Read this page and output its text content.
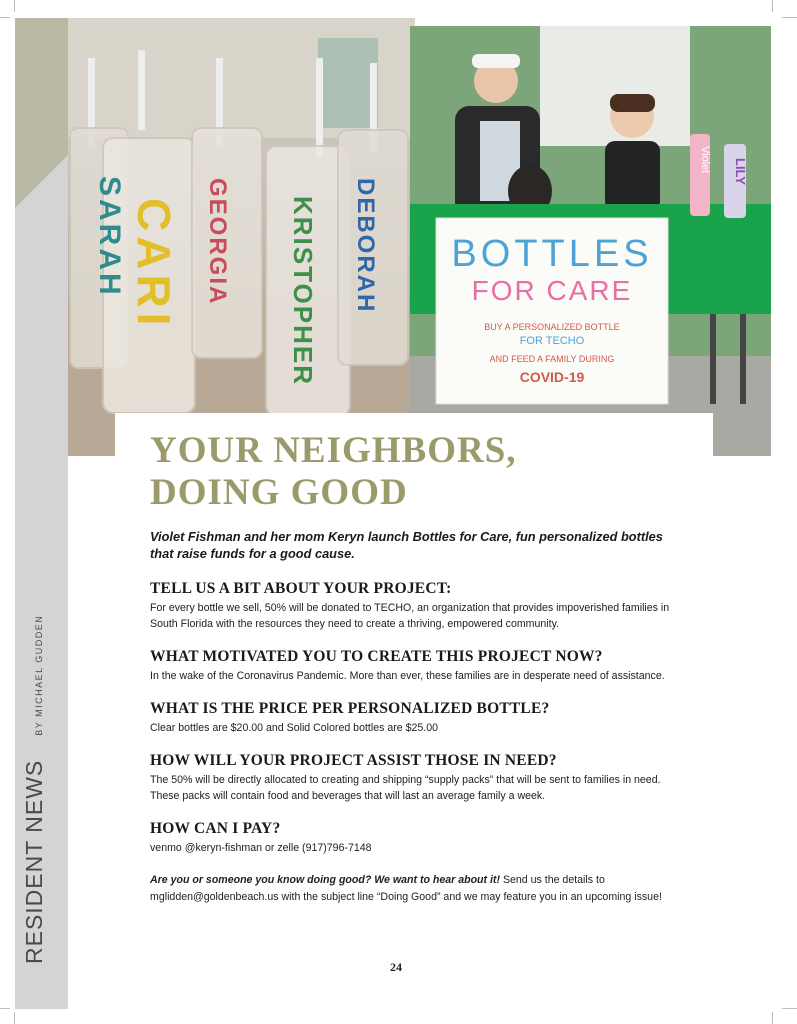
RESIDENT NEWS
BY MICHAEL GUDDEN
SARAH CARI GEORGIA KRISTOPHER DEBORAH
Violet LILY
BOTTLES
FOR CARE
BUY A PERSONALIZED BOTTLE
FOR TECHO
AND FEED A FAMILY DURING
COVID-19
YOUR NEIGHBORS,
DOING GOOD

Violet Fishman and her mom Keryn launch Bottles for Care, fun personalized bottles that raise funds for a good cause.

TELL US A BIT ABOUT YOUR PROJECT:

For every bottle we sell, 50% will be donated to TECHO, an organization that provides impoverished families in South Florida with the resources they need to create a thriving, empowered community.

WHAT MOTIVATED YOU TO CREATE THIS PROJECT NOW?

In the wake of the Coronavirus Pandemic. More than ever, these families are in desperate need of assistance.

WHAT IS THE PRICE PER PERSONALIZED BOTTLE?

Clear bottles are $20.00 and Solid Colored bottles are $25.00

HOW WILL YOUR PROJECT ASSIST THOSE IN NEED?

The 50% will be directly allocated to creating and shipping “supply packs” that will be sent to families in need. These packs will contain food and beverages that will last an average family a week.

HOW CAN I PAY?

venmo @keryn-fishman or zelle (917)796-7148

Are you or someone you know doing good? We want to hear about it! Send us the details to mglidden@goldenbeach.us with the subject line “Doing Good” and we may feature you in an upcoming issue!

24
